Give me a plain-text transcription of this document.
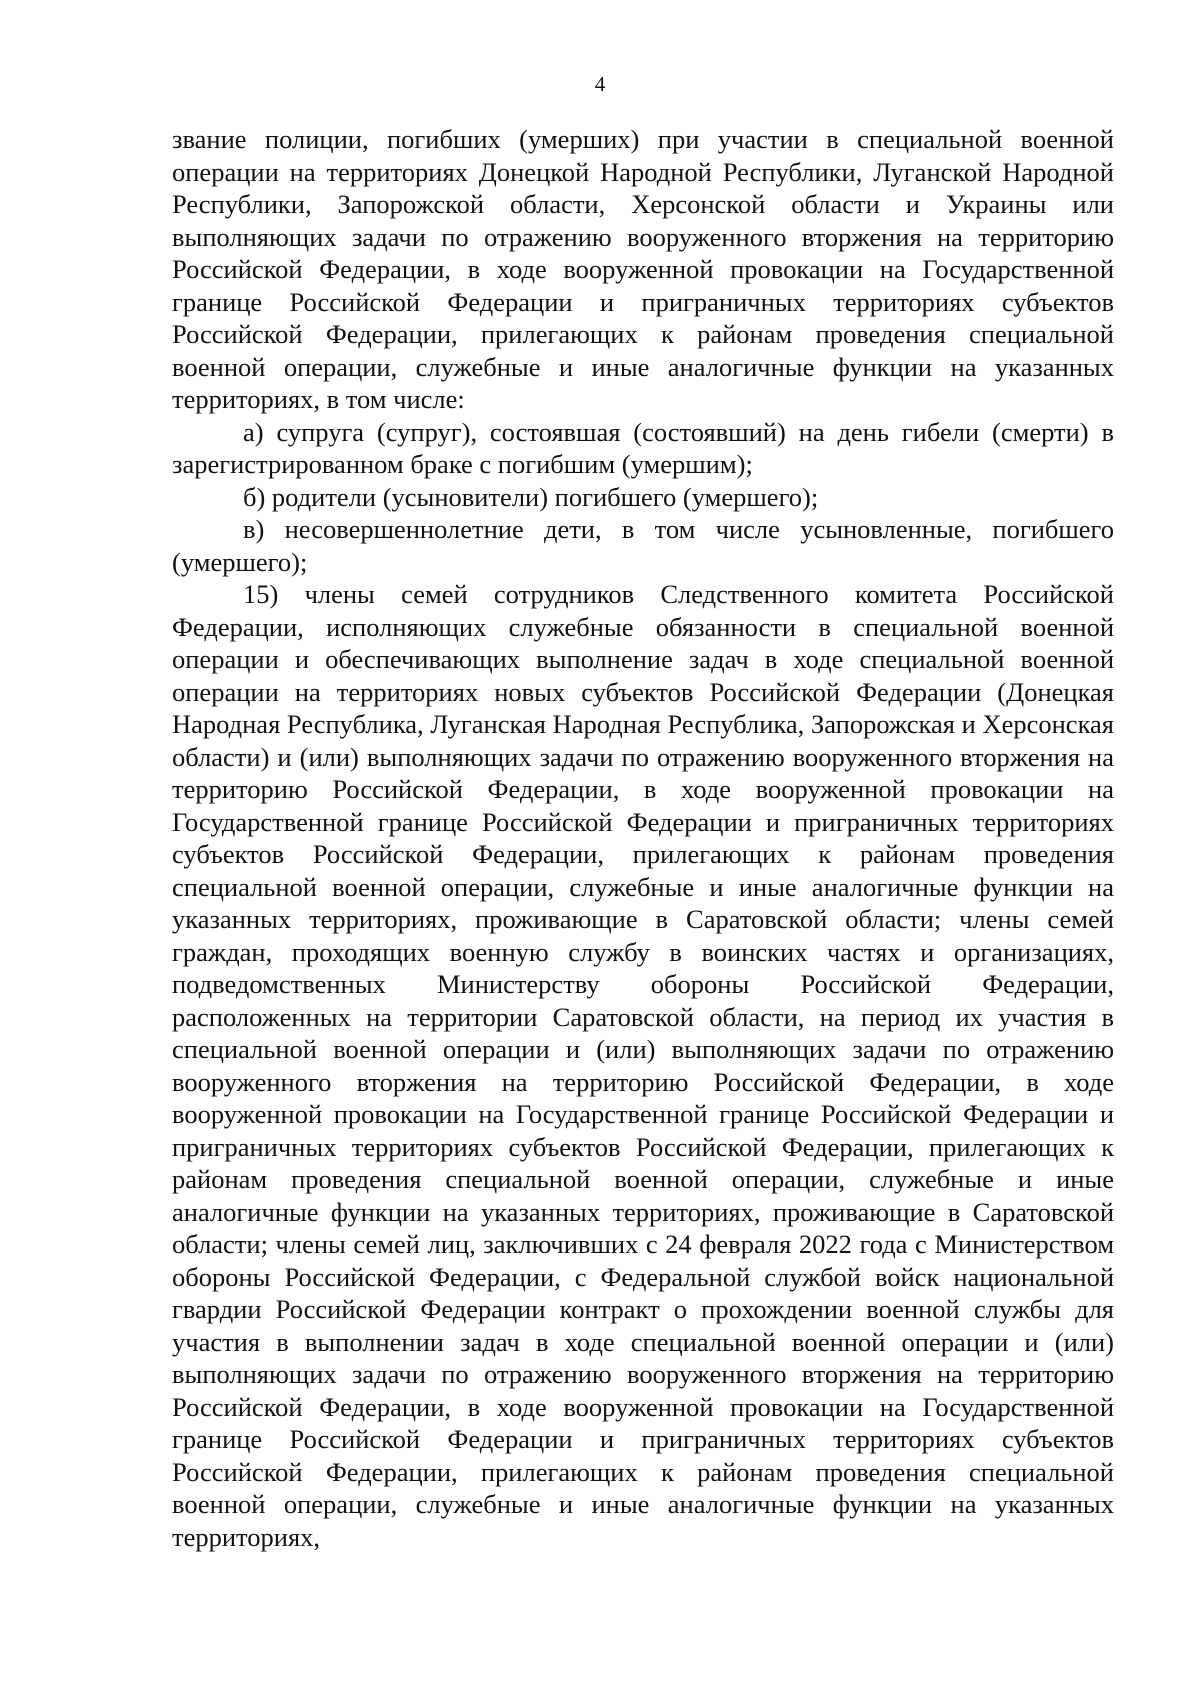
4

звание полиции, погибших (умерших) при участии в специальной военной операции на территориях Донецкой Народной Республики, Луганской Народной Республики, Запорожской области, Херсонской области и Украины или выполняющих задачи по отражению вооруженного вторжения на территорию Российской Федерации, в ходе вооруженной провокации на Государственной границе Российской Федерации и приграничных территориях субъектов Российской Федерации, прилегающих к районам проведения специальной военной операции, служебные и иные аналогичные функции на указанных территориях, в том числе:

а) супруга (супруг), состоявшая (состоявший) на день гибели (смерти) в зарегистрированном браке с погибшим (умершим);

б) родители (усыновители) погибшего (умершего);

в) несовершеннолетние дети, в том числе усыновленные, погибшего (умершего);

15) члены семей сотрудников Следственного комитета Российской Федерации, исполняющих служебные обязанности в специальной военной операции и обеспечивающих выполнение задач в ходе специальной военной операции на территориях новых субъектов Российской Федерации (Донецкая Народная Республика, Луганская Народная Республика, Запорожская и Херсонская области) и (или) выполняющих задачи по отражению вооруженного вторжения на территорию Российской Федерации, в ходе вооруженной провокации на Государственной границе Российской Федерации и приграничных территориях субъектов Российской Федерации, прилегающих к районам проведения специальной военной операции, служебные и иные аналогичные функции на указанных территориях, проживающие в Саратовской области; члены семей граждан, проходящих военную службу в воинских частях и организациях, подведомственных Министерству обороны Российской Федерации, расположенных на территории Саратовской области, на период их участия в специальной военной операции и (или) выполняющих задачи по отражению вооруженного вторжения на территорию Российской Федерации, в ходе вооруженной провокации на Государственной границе Российской Федерации и приграничных территориях субъектов Российской Федерации, прилегающих к районам проведения специальной военной операции, служебные и иные аналогичные функции на указанных территориях, проживающие в Саратовской области; члены семей лиц, заключивших с 24 февраля 2022 года с Министерством обороны Российской Федерации, с Федеральной службой войск национальной гвардии Российской Федерации контракт о прохождении военной службы для участия в выполнении задач в ходе специальной военной операции и (или) выполняющих задачи по отражению вооруженного вторжения на территорию Российской Федерации, в ходе вооруженной провокации на Государственной границе Российской Федерации и приграничных территориях субъектов Российской Федерации, прилегающих к районам проведения специальной военной операции, служебные и иные аналогичные функции на указанных территориях,
